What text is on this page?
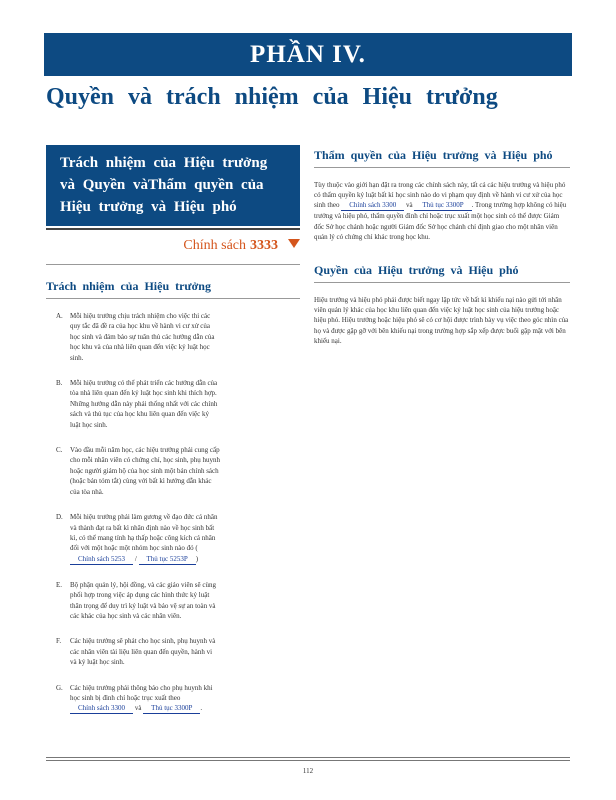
PHẦN IV.
Quyền và trách nhiệm của Hiệu trưởng
Trách nhiệm của Hiệu trưởng và Quyền vàThẩm quyền của Hiệu trưởng và Hiệu phó
Chính sách 3333
Trách nhiệm của Hiệu trưởng
A. Mỗi hiệu trưởng chịu trách nhiệm cho việc thi các quy tắc đã đề ra của học khu về hành vi cư xử của học sinh và đảm bảo sự tuân thủ các hướng dẫn của học khu và của nhà liên quan đến việc kỷ luật học sinh.
B. Mỗi hiệu trưởng có thể phát triển các hướng dẫn của tòa nhà liên quan đến kỷ luật học sinh khi thích hợp. Những hướng dẫn này phải thống nhất với các chính sách và thủ tục của học khu liên quan đến việc kỷ luật học sinh.
C. Vào đầu mỗi năm học, các hiệu trưởng phải cung cấp cho mỗi nhân viên có chứng chỉ, học sinh, phụ huynh hoặc người giám hộ của học sinh một bản chính sách (hoặc bản tóm tắt) cùng với bất kì hướng dẫn khác của tòa nhà.
D. Mỗi hiệu trưởng phải làm gương về đạo đức cá nhân và thành đạt ra bất kì nhân định nào về học sinh bất kì, có thể mang tính hạ thấp hoặc công kích cá nhân đối với một hoặc một nhóm học sinh nào đó ( Chính sách 5253 / Thủ tục 5253P )
E. Bộ phận quản lý, hội đồng, và các giáo viên sẽ cùng phối hợp trong việc áp dụng các hình thức kỷ luật thân trọng để duy trì kỷ luật và bảo vệ sự an toàn và các khác của học sinh và các nhân viên.
F. Các hiệu trưởng sẽ phát cho học sinh, phụ huynh và các nhân viên tài liệu liên quan đến quyền, hành vi và kỷ luật học sinh.
G. Các hiệu trưởng phải thông báo cho phụ huynh khi học sinh bị đình chỉ hoặc trục xuất theo Chính sách 3300 và Thủ tục 3300P .
Thẩm quyền của Hiệu trưởng và Hiệu phó

Tùy thuộc vào giới hạn đặt ra trong các chính sách này, tất cả các hiệu trưởng và hiệu phó có thẩm quyền kỷ luật bất kì học sinh nào do vi phạm quy định về hành vi cư xử của học sinh theo Chính sách 3300 và Thủ tục 3300P . Trong trường hợp không có hiệu trưởng và hiệu phó, thẩm quyền đình chỉ hoặc trục xuất một học sinh có thể được Giám đốc Sở học chánh hoặc người Giám đốc Sở học chánh chỉ định giao cho một nhân viên quản lý có chứng chỉ khác trong học khu.

Quyền của Hiệu trưởng và Hiệu phó

Hiệu trưởng và hiệu phó phải được biết ngay lập tức về bất kì khiếu nại nào gửi tới nhân viên quản lý khác của học khu liên quan đến việc kỷ luật học sinh của hiệu trưởng hoặc hiệu phó. Hiệu trưởng hoặc hiệu phó sẽ có cơ hội được trình bày vụ việc theo góc nhìn của họ và được gặp gỡ với bên khiếu nại trong trường hợp sắp xếp được buổi gặp mặt với bên khiếu nại.

112
